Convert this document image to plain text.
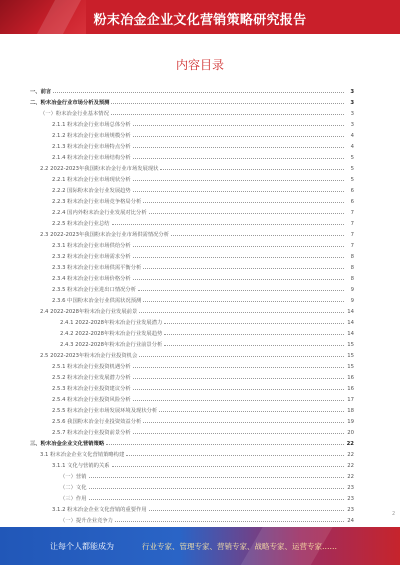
粉末冶金企业文化营销策略研究报告
内容目录
一、前言	3
二、粉末冶金行业市场分析及预测	3
（一）粉末冶金行业基本情况	3
2.1.1 粉末冶金行业市场总体分析	3
2.1.2 粉末冶金行业市场规模分析	4
2.1.3 粉末冶金行业市场特点分析	4
2.1.4 粉末冶金行业市场结构分析	5
2.2 2022-2023年我国粉末冶金行业市场发展现状	5
2.2.1 粉末冶金行业市场现状分析	5
2.2.2 国际粉末冶金行业发展趋势	6
2.2.3 粉末冶金行业市场竞争格局分析	6
2.2.4 国内外粉末冶金行业发展对比分析	7
2.2.5 粉末冶金行业总结	7
2.3 2022-2023年我国粉末冶金行业市场供需情况分析	7
2.3.1 粉末冶金行业市场供给分析	7
2.3.2 粉末冶金行业市场需求分析	8
2.3.3 粉末冶金行业市场供需平衡分析	8
2.3.4 粉末冶金行业市场价格分析	8
2.3.5 粉末冶金行业进出口情况分析	9
2.3.6 中国粉末冶金行业供需状况预测	9
2.4 2022-2028年粉末冶金行业发展前景	14
2.4.1 2022-2028年粉末冶金行业发展潜力	14
2.4.2 2022-2028年粉末冶金行业发展趋势	14
2.4.3 2022-2028年粉末冶金行业前景分析	15
2.5 2022-2023年粉末冶金行业投资机会	15
2.5.1 粉末冶金行业投资机遇分析	15
2.5.2 粉末冶金行业发展潜力分析	16
2.5.3 粉末冶金行业投资建议分析	16
2.5.4 粉末冶金行业投资风险分析	17
2.5.5 粉末冶金行业市场发展环境及现状分析	18
2.5.6 我国粉末冶金行业投资效益分析	19
2.5.7 粉末冶金行业投资前景分析	20
三、粉末冶金企业文化营销策略	22
3.1 粉末冶金企业文化营销策略构建	22
3.1.1 文化与营销的关系	22
（一）营销	22
（二）文化	23
（三）作用	23
3.1.2 粉末冶金企业文化营销的重要作用	23
（一）提升企业竞争力	24
2
让每个人都能成为	行业专家、管理专家、营销专家、战略专家、运营专家……
